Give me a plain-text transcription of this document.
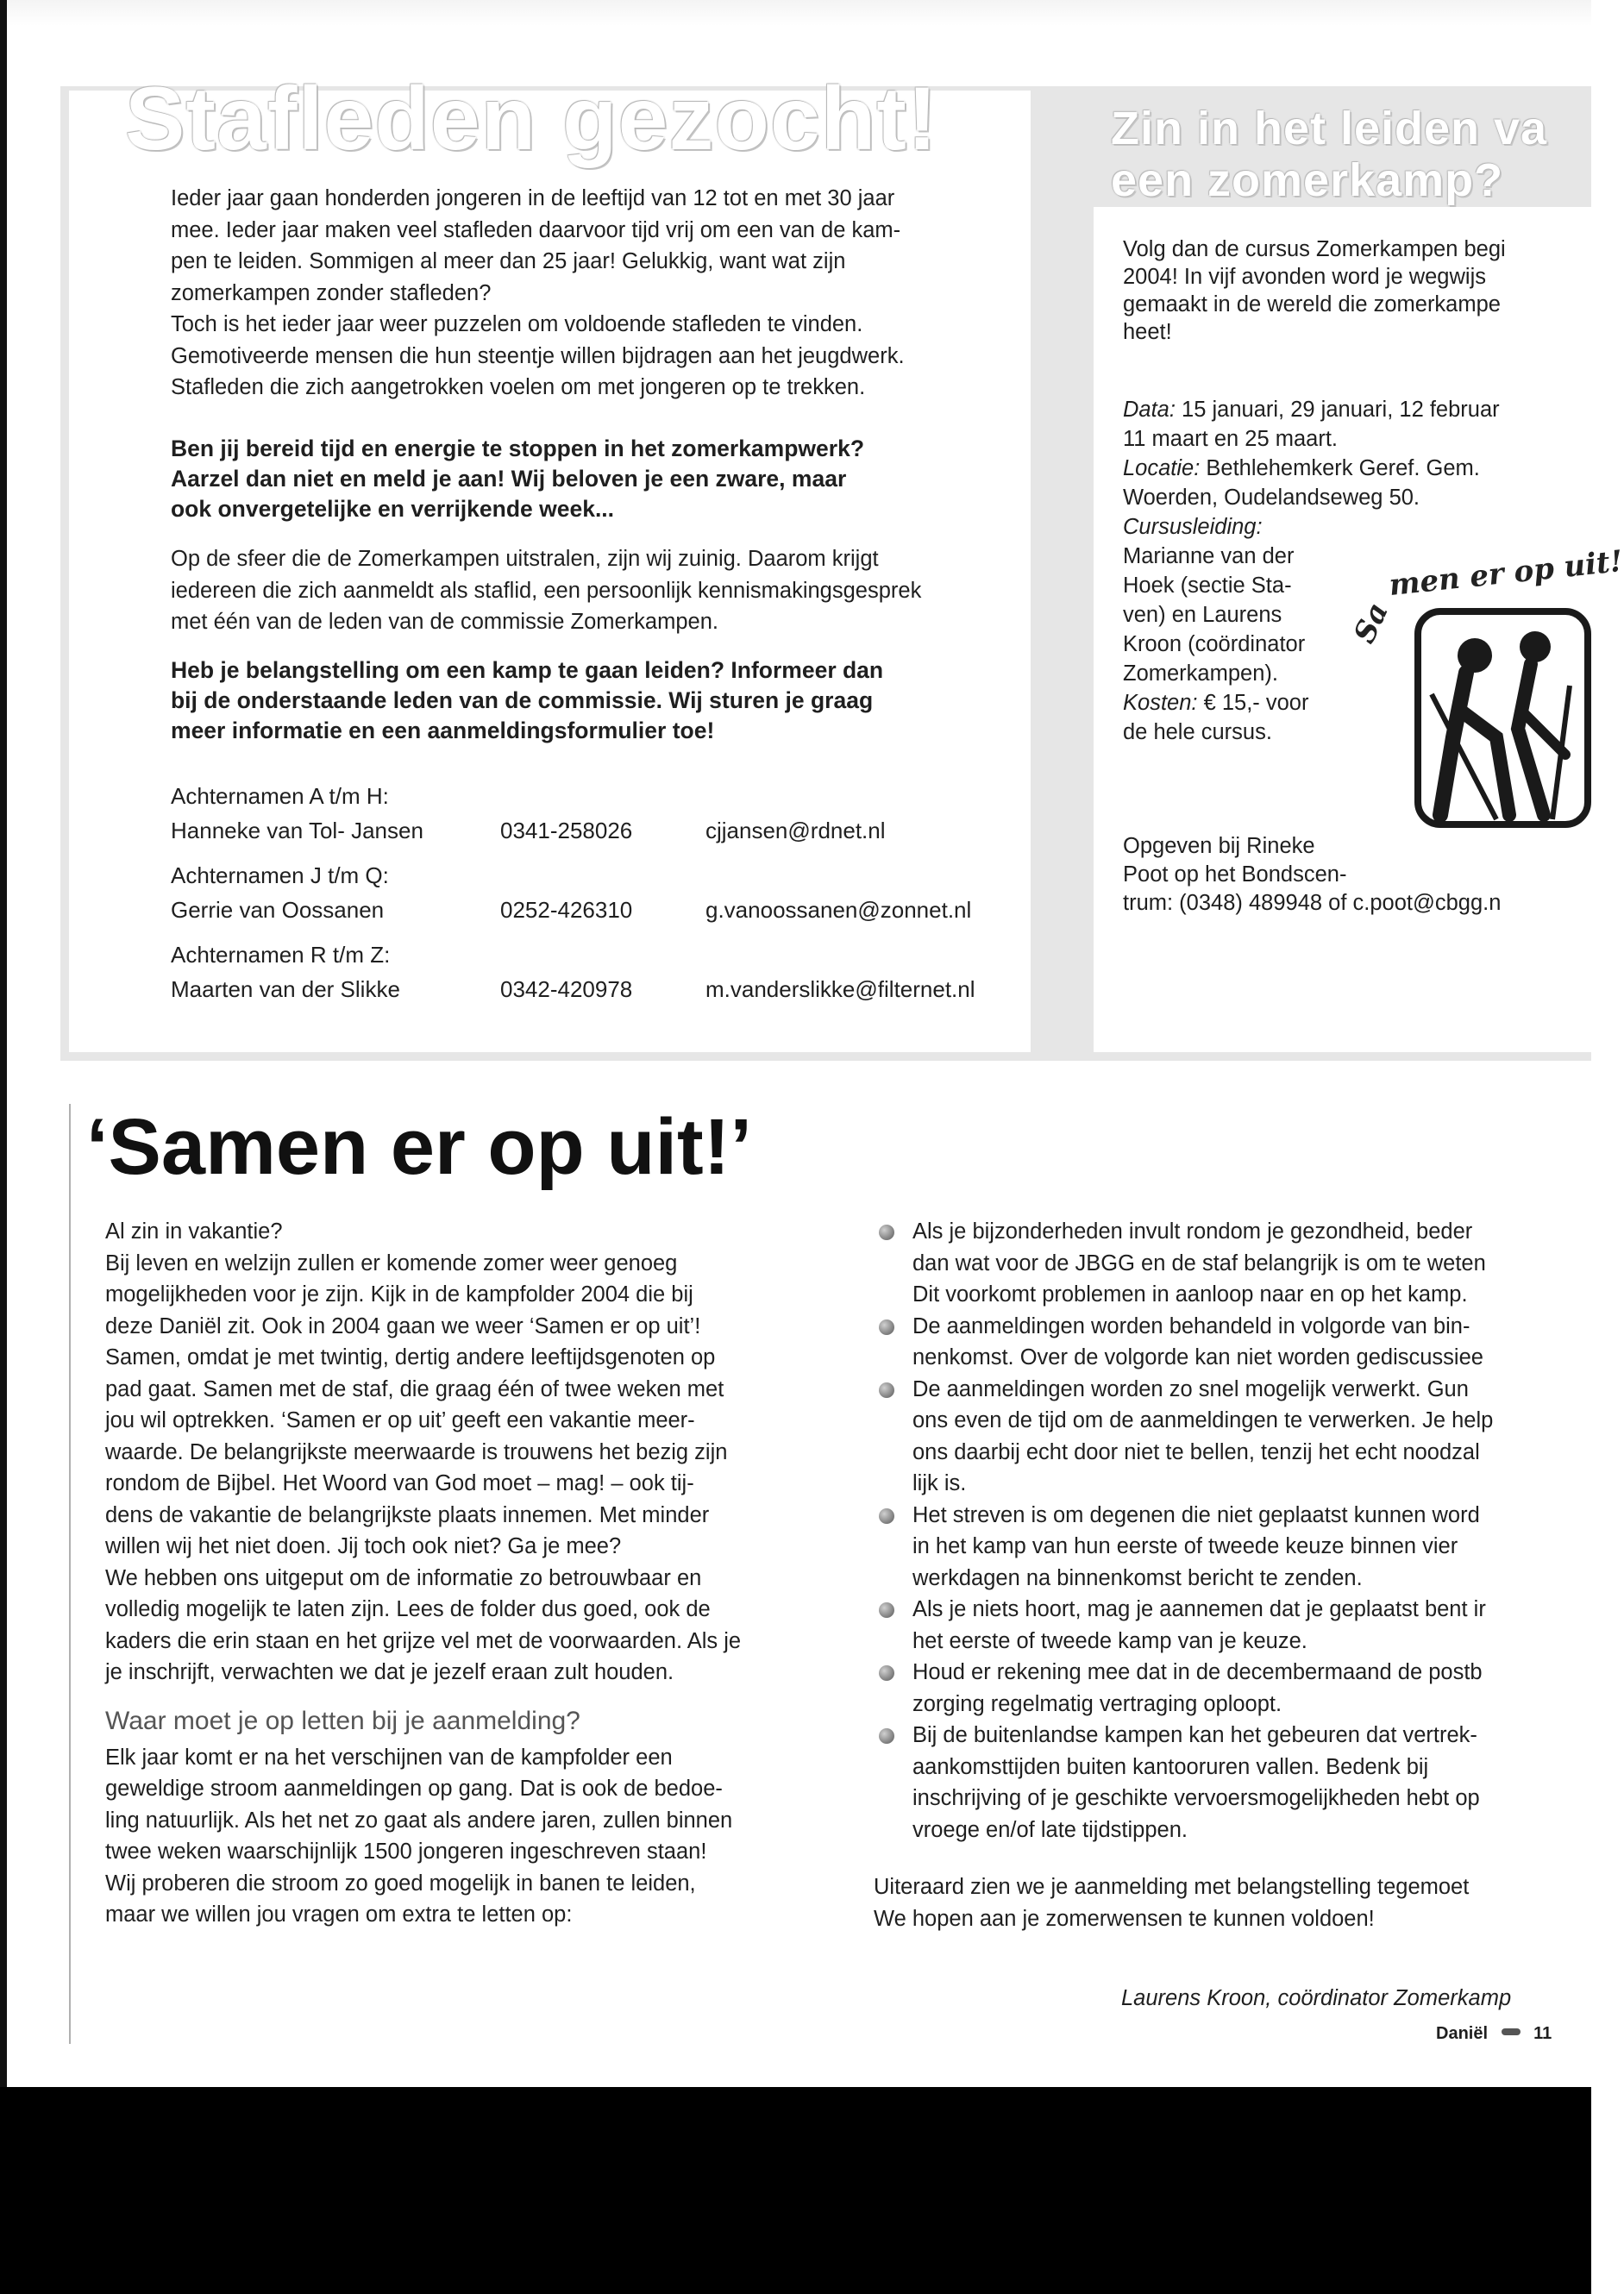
Stafleden gezocht!

Ieder jaar gaan honderden jongeren in de leeftijd van 12 tot en met 30 jaar

mee. Ieder jaar maken veel stafleden daarvoor tijd vrij om een van de kam-

pen te leiden. Sommigen al meer dan 25 jaar! Gelukkig, want wat zijn

zomerkampen zonder stafleden?

Toch is het ieder jaar weer puzzelen om voldoende stafleden te vinden.

Gemotiveerde mensen die hun steentje willen bijdragen aan het jeugdwerk.

Stafleden die zich aangetrokken voelen om met jongeren op te trekken.

Ben jij bereid tijd en energie te stoppen in het zomerkampwerk?

Aarzel dan niet en meld je aan! Wij beloven je een zware, maar

ook onvergetelijke en verrijkende week...

Op de sfeer die de Zomerkampen uitstralen, zijn wij zuinig. Daarom krijgt

iedereen die zich aanmeldt als staflid, een persoonlijk kennismakingsgesprek

met één van de leden van de commissie Zomerkampen.

Heb je belangstelling om een kamp te gaan leiden? Informeer dan

bij de onderstaande leden van de commissie. Wij sturen je graag

meer informatie en een aanmeldingsformulier toe!

Achternamen A t/m H:
Hanneke van Tol- Jansen	0341-258026	cjjansen@rdnet.nl
Achternamen J t/m Q:
Gerrie van Oossanen	0252-426310	g.vanoossanen@zonnet.nl
Achternamen R t/m Z:
Maarten van der Slikke	0342-420978	m.vanderslikke@filternet.nl
Zin in het leiden va
een zomerkamp?

Volg dan de cursus Zomerkampen begi

2004! In vijf avonden word je wegwijs

gemaakt in de wereld die zomerkampe

heet!

Data: 15 januari, 29 januari, 12 februar

11 maart en 25 maart.

Locatie: Bethlehemkerk Geref. Gem.

Woerden, Oudelandseweg 50.

Cursusleiding:

Marianne van der

Hoek (sectie Sta-

ven) en Laurens

Kroon (coördinator

Zomerkampen).

Kosten: € 15,- voor

de hele cursus.

Sa
men er op uit!

Opgeven bij Rineke

Poot op het Bondscen-

trum: (0348) 489948 of c.poot@cbgg.n

‘Samen er op uit!’

Al zin in vakantie?

Bij leven en welzijn zullen er komende zomer weer genoeg

mogelijkheden voor je zijn. Kijk in de kampfolder 2004 die bij

deze Daniël zit. Ook in 2004 gaan we weer ‘Samen er op uit’!

Samen, omdat je met twintig, dertig andere leeftijdsgenoten op

pad gaat. Samen met de staf, die graag één of twee weken met

jou wil optrekken. ‘Samen er op uit’ geeft een vakantie meer-

waarde. De belangrijkste meerwaarde is trouwens het bezig zijn

rondom de Bijbel. Het Woord van God moet – mag! – ook tij-

dens de vakantie de belangrijkste plaats innemen. Met minder

willen wij het niet doen. Jij toch ook niet? Ga je mee?

We hebben ons uitgeput om de informatie zo betrouwbaar en

volledig mogelijk te laten zijn. Lees de folder dus goed, ook de

kaders die erin staan en het grijze vel met de voorwaarden. Als je

je inschrijft, verwachten we dat je jezelf eraan zult houden.

Waar moet je op letten bij je aanmelding?

Elk jaar komt er na het verschijnen van de kampfolder een

geweldige stroom aanmeldingen op gang. Dat is ook de bedoe-

ling natuurlijk. Als het net zo gaat als andere jaren, zullen binnen

twee weken waarschijnlijk 1500 jongeren ingeschreven staan!

Wij proberen die stroom zo goed mogelijk in banen te leiden,

maar we willen jou vragen om extra te letten op:

Als je bijzonderheden invult rondom je gezondheid, beder
dan wat voor de JBGG en de staf belangrijk is om te weten
Dit voorkomt problemen in aanloop naar en op het kamp.
De aanmeldingen worden behandeld in volgorde van bin-
nenkomst. Over de volgorde kan niet worden gediscussiee
De aanmeldingen worden zo snel mogelijk verwerkt. Gun
ons even de tijd om de aanmeldingen te verwerken. Je help
ons daarbij echt door niet te bellen, tenzij het echt noodzal
lijk is.
Het streven is om degenen die niet geplaatst kunnen word
in het kamp van hun eerste of tweede keuze binnen vier
werkdagen na binnenkomst bericht te zenden.
Als je niets hoort, mag je aannemen dat je geplaatst bent ir
het eerste of tweede kamp van je keuze.
Houd er rekening mee dat in de decembermaand de postb
zorging regelmatig vertraging oploopt.
Bij de buitenlandse kampen kan het gebeuren dat vertrek-
aankomsttijden buiten kantooruren vallen. Bedenk bij
inschrijving of je geschikte vervoersmogelijkheden hebt op
vroege en/of late tijdstippen.

Uiteraard zien we je aanmelding met belangstelling tegemoet

We hopen aan je zomerwensen te kunnen voldoen!

Laurens Kroon, coördinator Zomerkamp
Daniël	11
